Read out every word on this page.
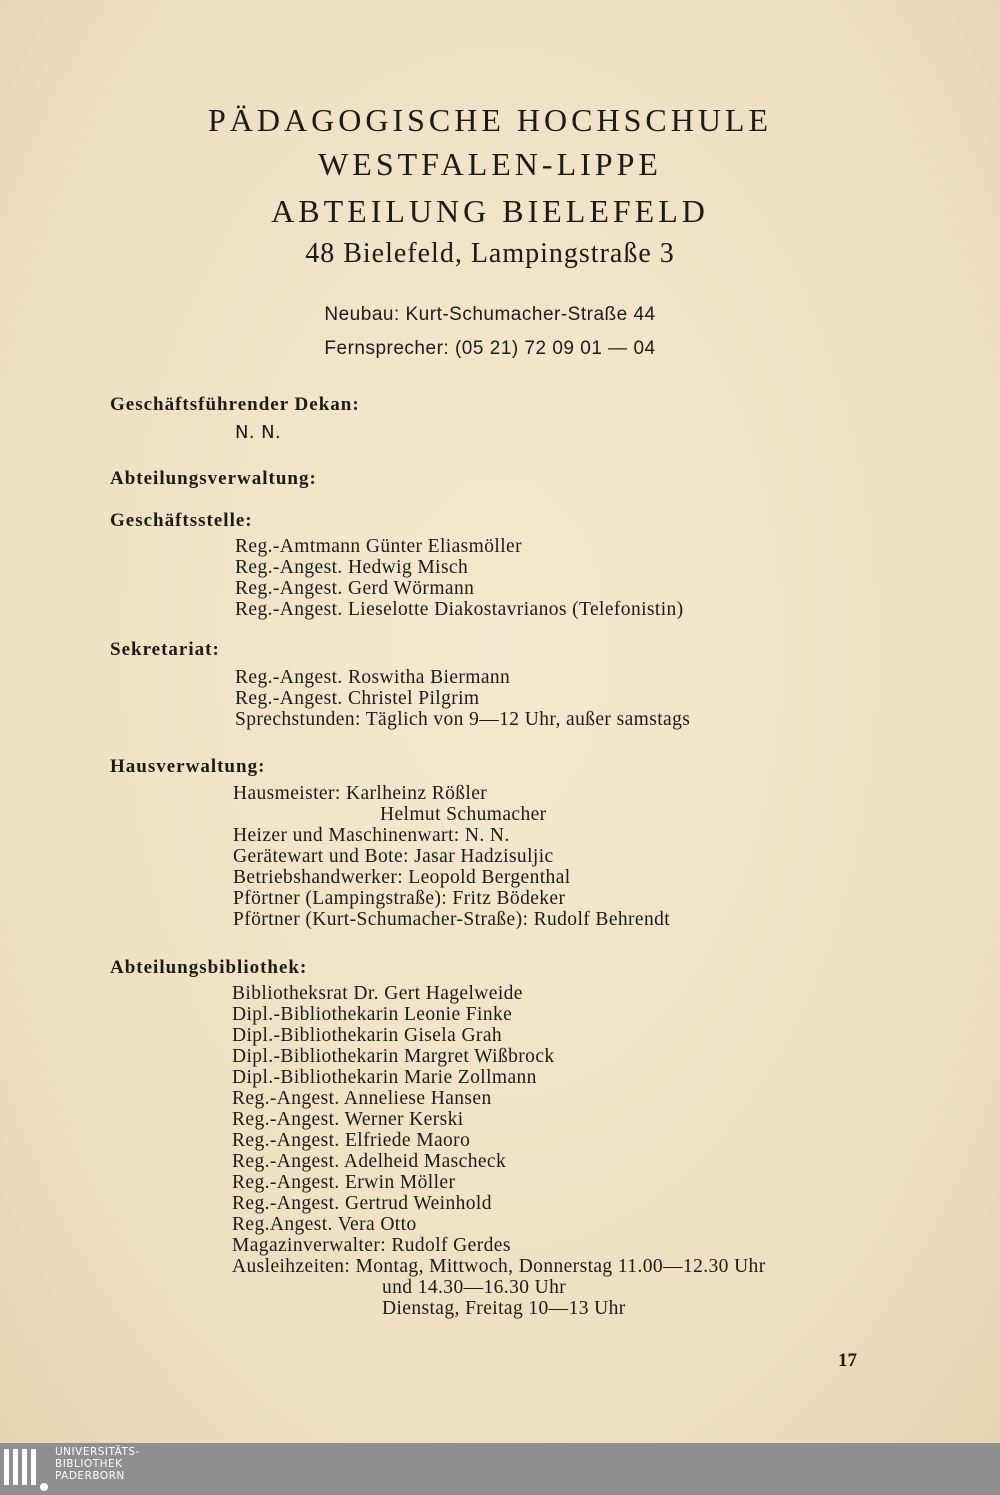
PÄDAGOGISCHE HOCHSCHULE
WESTFALEN-LIPPE
ABTEILUNG BIELEFELD
48 Bielefeld, Lampingstraße 3
Neubau: Kurt-Schumacher-Straße 44
Fernsprecher: (05 21) 72 09 01 — 04
Geschäftsführender Dekan:
N. N.
Abteilungsverwaltung:
Geschäftsstelle:
Reg.-Amtmann Günter Eliasmöller
Reg.-Angest. Hedwig Misch
Reg.-Angest. Gerd Wörmann
Reg.-Angest. Lieselotte Diakostavrianos (Telefonistin)
Sekretariat:
Reg.-Angest. Roswitha Biermann
Reg.-Angest. Christel Pilgrim
Sprechstunden: Täglich von 9—12 Uhr, außer samstags
Hausverwaltung:
Hausmeister: Karlheinz Rößler
Helmut Schumacher
Heizer und Maschinenwart: N. N.
Gerätewart und Bote: Jasar Hadzisuljic
Betriebshandwerker: Leopold Bergenthal
Pförtner (Lampingstraße): Fritz Bödeker
Pförtner (Kurt-Schumacher-Straße): Rudolf Behrendt
Abteilungsbibliothek:
Bibliotheksrat Dr. Gert Hagelweide
Dipl.-Bibliothekarin Leonie Finke
Dipl.-Bibliothekarin Gisela Grah
Dipl.-Bibliothekarin Margret Wißbrock
Dipl.-Bibliothekarin Marie Zollmann
Reg.-Angest. Anneliese Hansen
Reg.-Angest. Werner Kerski
Reg.-Angest. Elfriede Maoro
Reg.-Angest. Adelheid Mascheck
Reg.-Angest. Erwin Möller
Reg.-Angest. Gertrud Weinhold
Reg.Angest. Vera Otto
Magazinverwalter: Rudolf Gerdes
Ausleihzeiten: Montag, Mittwoch, Donnerstag 11.00—12.30 Uhr
und 14.30—16.30 Uhr
Dienstag, Freitag 10—13 Uhr
17
UNIVERSITÄTS-
BIBLIOTHEK
PADERBORN
